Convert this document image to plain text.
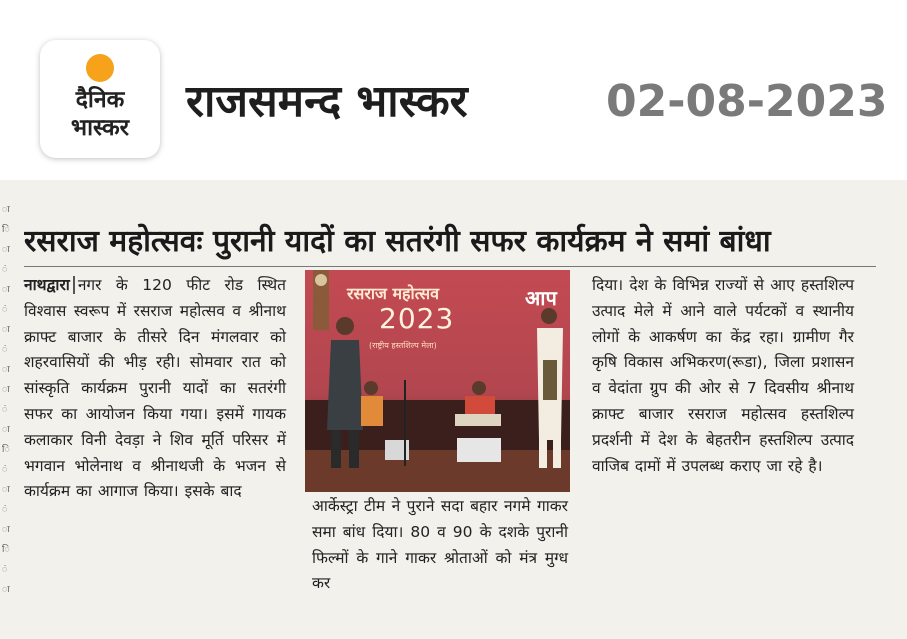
दैनिक
भास्कर
राजसमन्द भास्कर	02-08-2023
ा
ि
ा
ं
ा
ं
ा
ं
ा
ा
ं
ा
ि
ं
ा
ं
ा
ि
ं
ा
रसराज महोत्सवः पुरानी यादों का सतरंगी सफर कार्यक्रम ने समां बांधा
नाथद्वारा नगर के 120 फीट रोड स्थित विश्वास स्वरूप में रसराज महोत्सव व श्रीनाथ क्राफ्ट बाजार के तीसरे दिन मंगलवार को शहरवासियों की भीड़ रही। सोमवार रात को सांस्कृति कार्यक्रम पुरानी यादों का सतरंगी सफर का आयोजन किया गया। इसमें गायक कलाकार विनी देवड़ा ने शिव मूर्ति परिसर में भगवान भोलेनाथ व श्रीनाथजी के भजन से कार्यक्रम का आगाज किया। इसके बाद
रसराज महोत्सव
2023
(राष्ट्रीय हस्तशिल्प मेला)
आप
आर्केस्ट्रा टीम ने पुराने सदा बहार नगमे गाकर समा बांध दिया। 80 व 90 के दशके पुरानी फिल्मों के गाने गाकर श्रोताओं को मंत्र मुग्ध कर
दिया। देश के विभिन्न राज्यों से आए हस्तशिल्प उत्पाद मेले में आने वाले पर्यटकों व स्थानीय लोगों के आकर्षण का केंद्र रहा। ग्रामीण गैर कृषि विकास अभिकरण(रूडा), जिला प्रशासन व वेदांता ग्रुप की ओर से 7 दिवसीय श्रीनाथ क्राफ्ट बाजार रसराज महोत्सव हस्तशिल्प प्रदर्शनी में देश के बेहतरीन हस्तशिल्प उत्पाद वाजिब दामों में उपलब्ध कराए जा रहे है।
